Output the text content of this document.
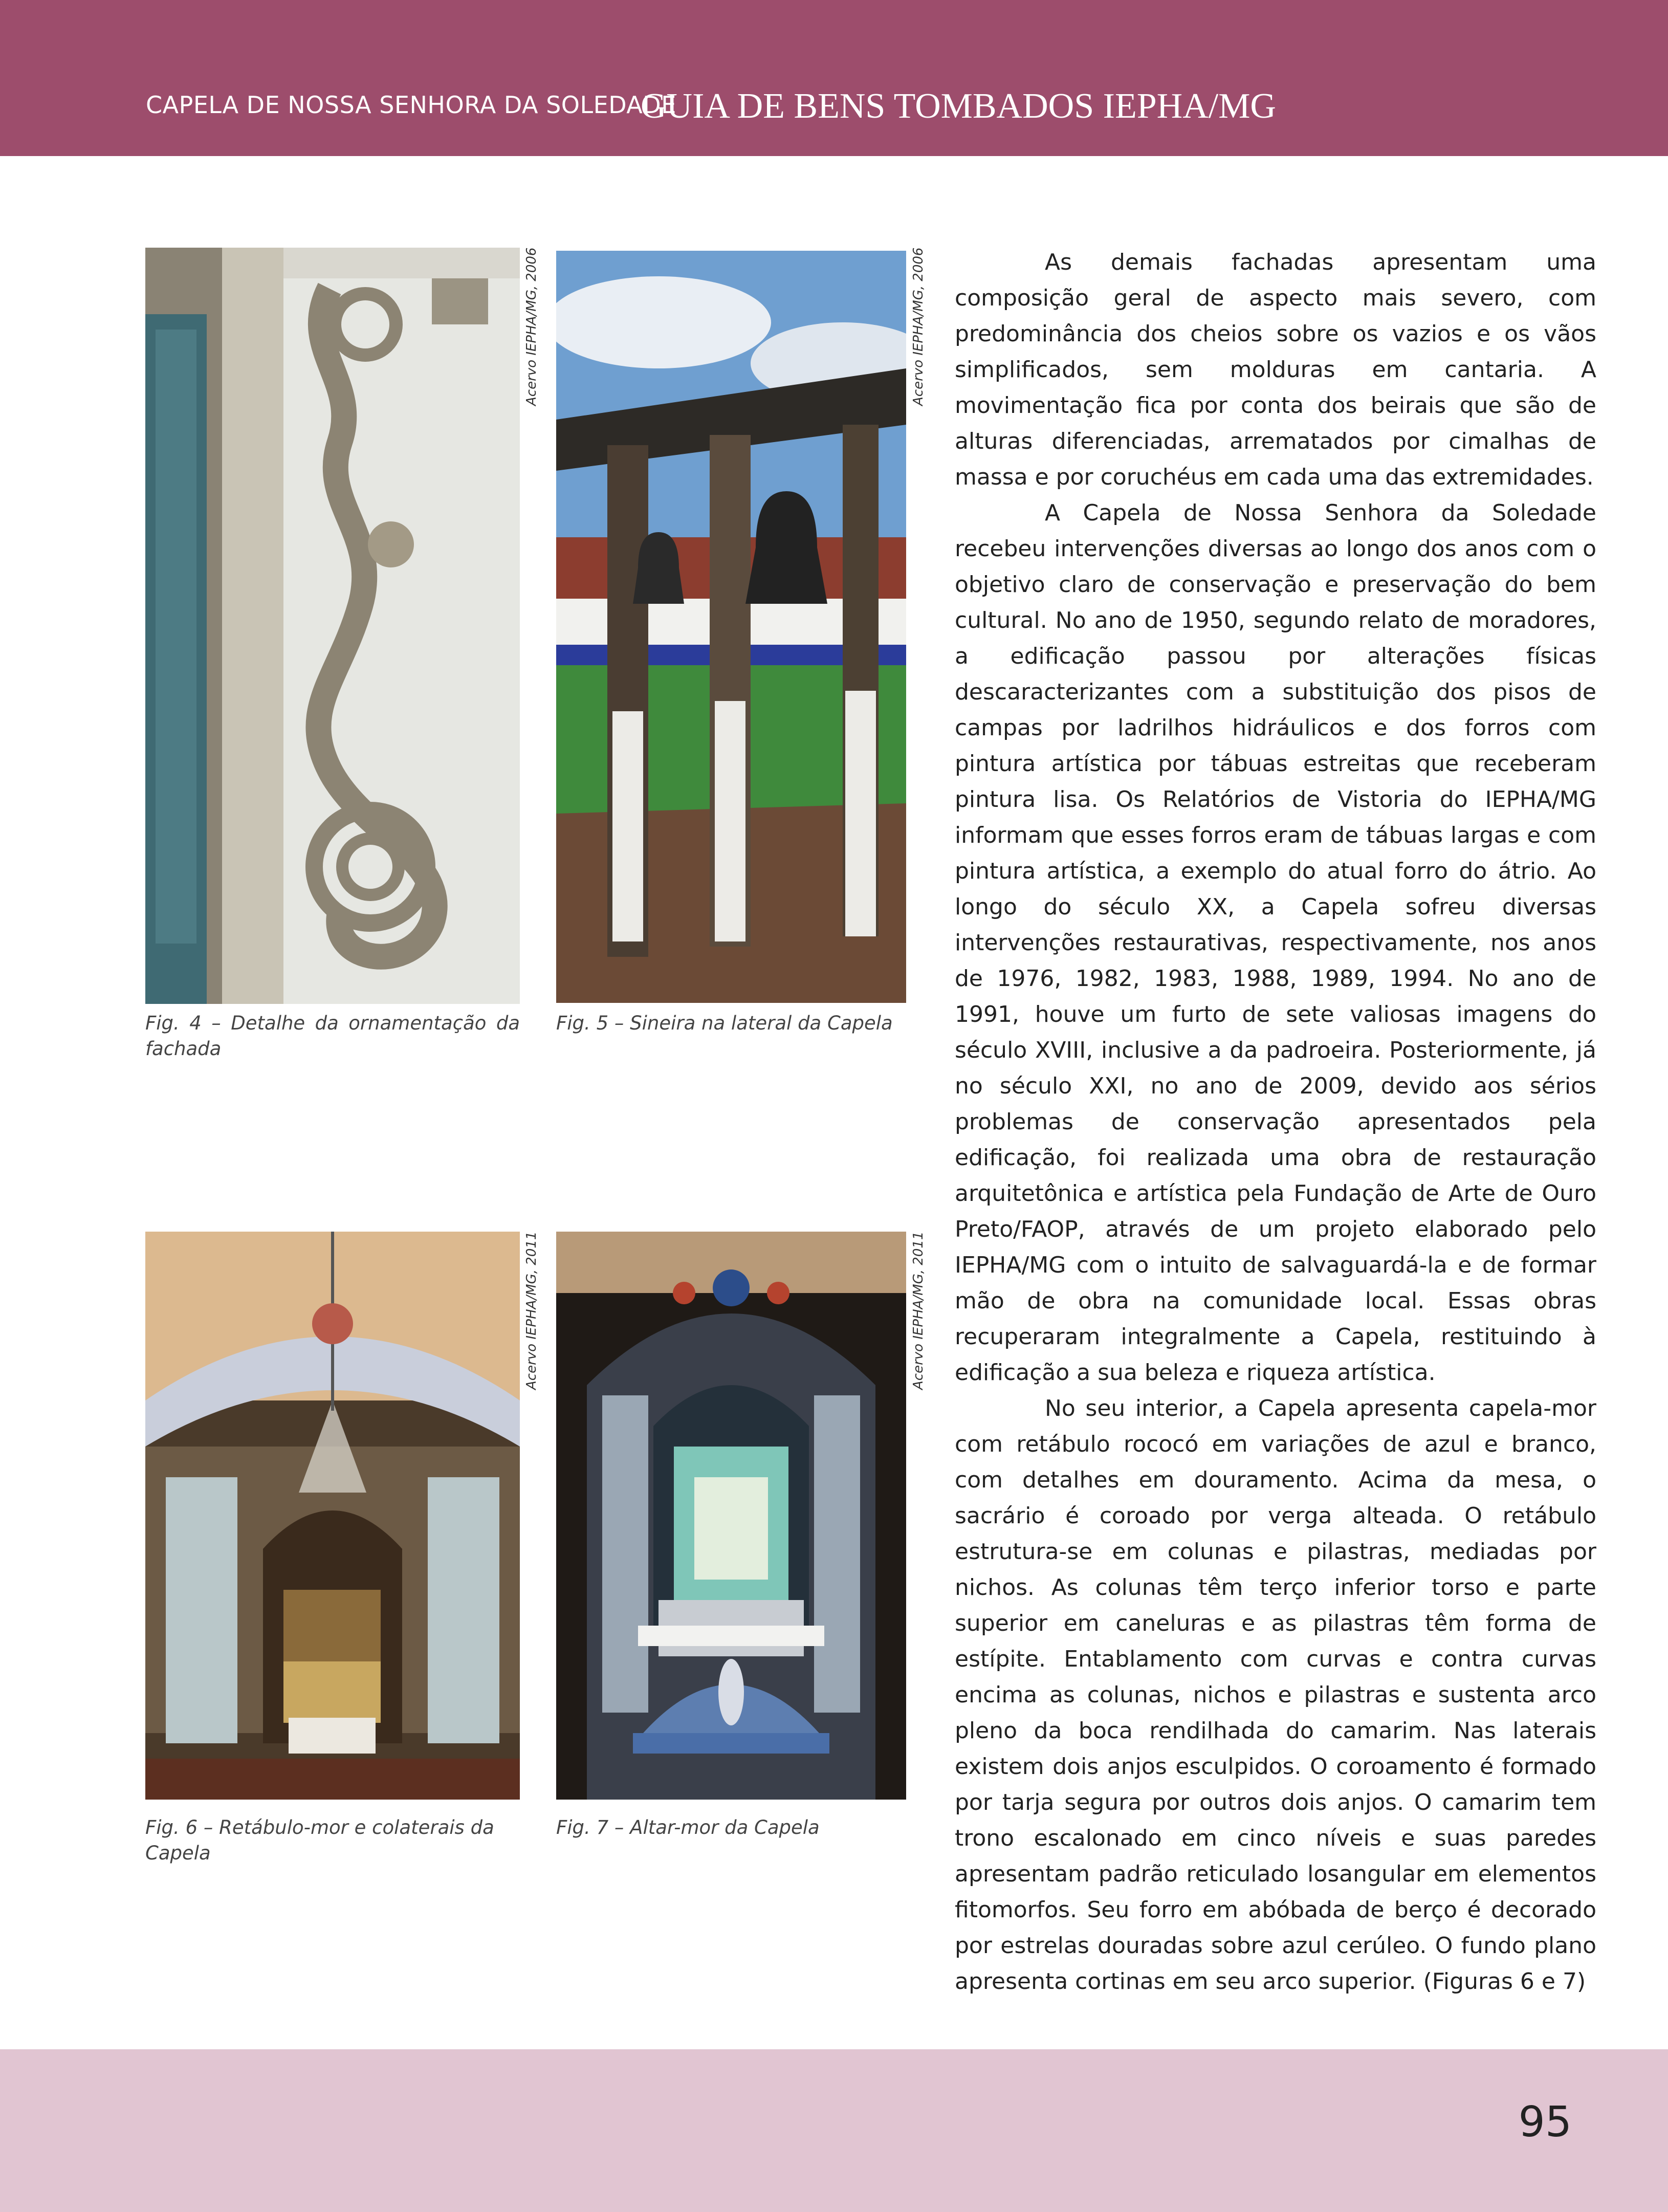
CAPELA DE NOSSA SENHORA DA SOLEDADE
GUIA DE BENS TOMBADOS IEPHA/MG
Acervo IEPHA/MG, 2006
Fig. 4 – Detalhe da ornamentação da fachada
Acervo IEPHA/MG, 2006
Fig. 5 – Sineira na lateral da Capela
Acervo IEPHA/MG, 2011
Fig. 6 – Retábulo-mor e colaterais da Capela
Acervo IEPHA/MG, 2011
Fig. 7 – Altar-mor da Capela

As demais fachadas apresentam uma composição geral de aspecto mais severo, com predominância dos cheios sobre os vazios e os vãos simplificados, sem molduras em cantaria. A movimentação fica por conta dos beirais que são de alturas diferenciadas, arrematados por cimalhas de massa e por coruchéus em cada uma das extremidades.

A Capela de Nossa Senhora da Soledade recebeu intervenções diversas ao longo dos anos com o objetivo claro de conservação e preservação do bem cultural. No ano de 1950, segundo relato de moradores, a edificação passou por alterações físicas descaracterizantes com a substituição dos pisos de campas por ladrilhos hidráulicos e dos forros com pintura artística por tábuas estreitas que receberam pintura lisa. Os Relatórios de Vistoria do IEPHA/MG informam que esses forros eram de tábuas largas e com pintura artística, a exemplo do atual forro do átrio. Ao longo do século XX, a Capela sofreu diversas intervenções restaurativas, respectivamente, nos anos de 1976, 1982, 1983, 1988, 1989, 1994. No ano de 1991, houve um furto de sete valiosas imagens do século XVIII, inclusive a da padroeira. Posteriormente, já no século XXI, no ano de 2009, devido aos sérios problemas de conservação apresentados pela edificação, foi realizada uma obra de restauração arquitetônica e artística pela Fundação de Arte de Ouro Preto/FAOP, através de um projeto elaborado pelo IEPHA/MG com o intuito de salvaguardá-la e de formar mão de obra na comunidade local. Essas obras recuperaram integralmente a Capela, restituindo à edificação a sua beleza e riqueza artística.

No seu interior, a Capela apresenta capela-mor com retábulo rococó em variações de azul e branco, com detalhes em douramento. Acima da mesa, o sacrário é coroado por verga alteada. O retábulo estrutura-se em colunas e pilastras, mediadas por nichos. As colunas têm terço inferior torso e parte superior em caneluras e as pilastras têm forma de estípite. Entablamento com curvas e contra curvas encima as colunas, nichos e pilastras e sustenta arco pleno da boca rendilhada do camarim. Nas laterais existem dois anjos esculpidos. O coroamento é formado por tarja segura por outros dois anjos. O camarim tem trono escalonado em cinco níveis e suas paredes apresentam padrão reticulado losangular em elementos fitomorfos. Seu forro em abóbada de berço é decorado por estrelas douradas sobre azul cerúleo. O fundo plano apresenta cortinas em seu arco superior. (Figuras 6 e 7)

95
